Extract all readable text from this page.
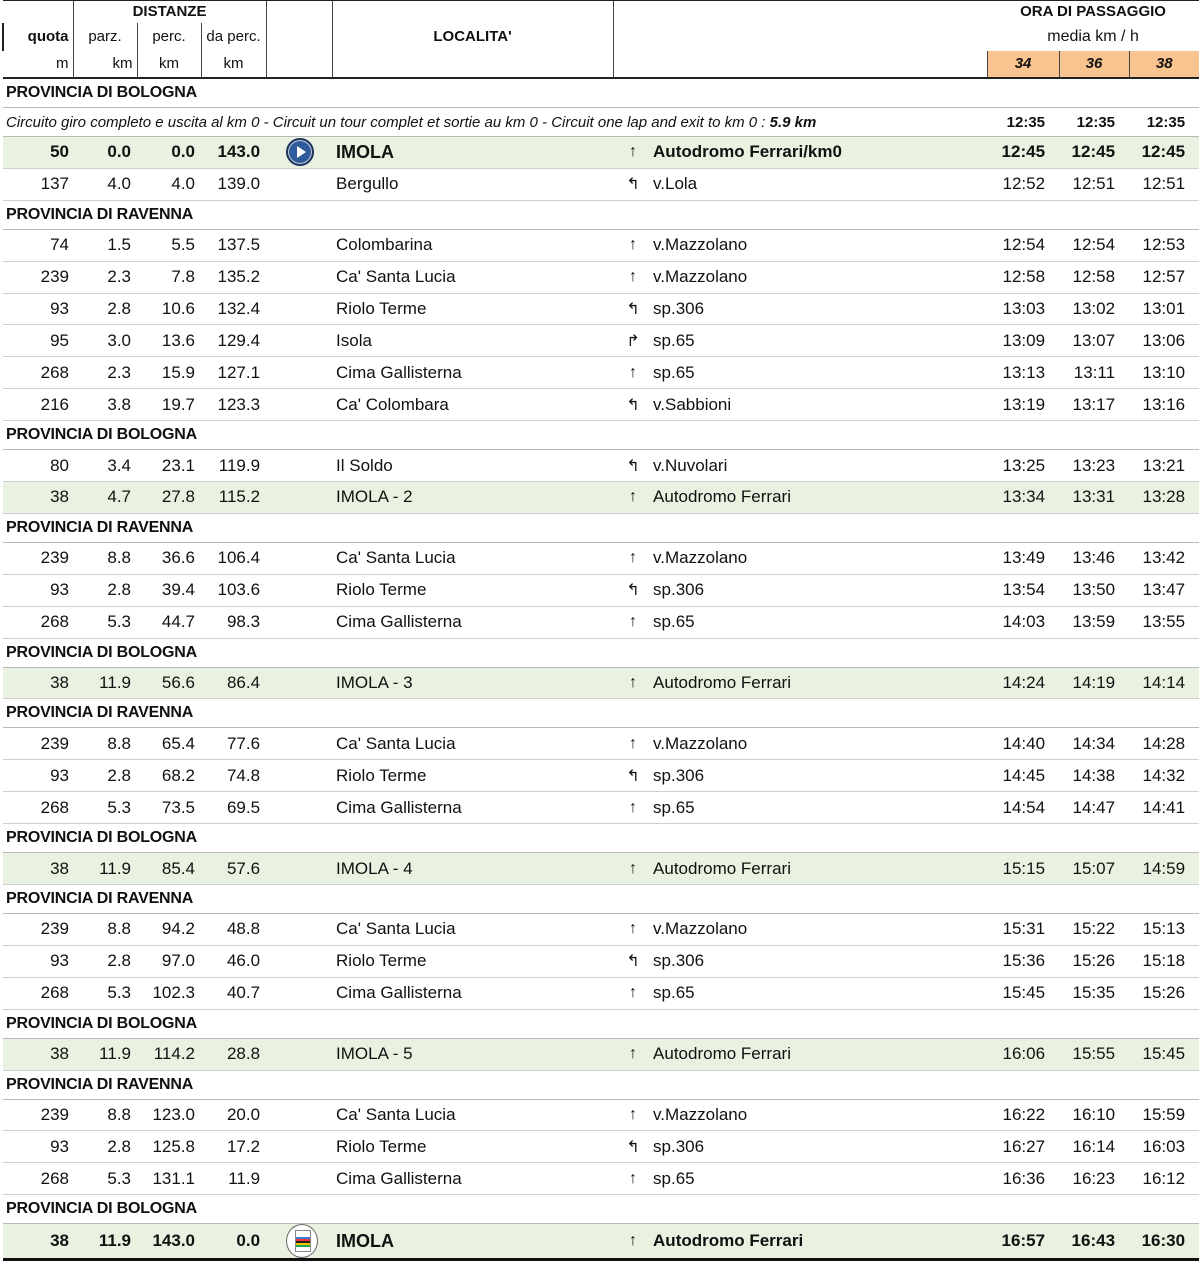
	DISTANZE							ORA DI PASSAGGIO		
quota	parz.	perc.	da perc.		LOCALITA'			media km / h		
m	km	km	km					34	36	38
PROVINCIA DI BOLOGNA										
Circuito giro completo e uscita al km 0 - Circuit un tour complet et sortie au km 0 - Circuit one lap and exit to km 0 : 5.9 km								12:35	12:35	12:35
50	0.0	0.0	143.0		IMOLA	↑	Autodromo Ferrari/km0	12:45	12:45	12:45
137	4.0	4.0	139.0		Bergullo	↰	v.Lola	12:52	12:51	12:51
PROVINCIA DI RAVENNA										
74	1.5	5.5	137.5		Colombarina	↑	v.Mazzolano	12:54	12:54	12:53
239	2.3	7.8	135.2		Ca' Santa Lucia	↑	v.Mazzolano	12:58	12:58	12:57
93	2.8	10.6	132.4		Riolo Terme	↰	sp.306	13:03	13:02	13:01
95	3.0	13.6	129.4		Isola	↱	sp.65	13:09	13:07	13:06
268	2.3	15.9	127.1		Cima Gallisterna	↑	sp.65	13:13	13:11	13:10
216	3.8	19.7	123.3		Ca' Colombara	↰	v.Sabbioni	13:19	13:17	13:16
PROVINCIA DI BOLOGNA										
80	3.4	23.1	119.9		Il Soldo	↰	v.Nuvolari	13:25	13:23	13:21
38	4.7	27.8	115.2		IMOLA - 2	↑	Autodromo Ferrari	13:34	13:31	13:28
PROVINCIA DI RAVENNA										
239	8.8	36.6	106.4		Ca' Santa Lucia	↑	v.Mazzolano	13:49	13:46	13:42
93	2.8	39.4	103.6		Riolo Terme	↰	sp.306	13:54	13:50	13:47
268	5.3	44.7	98.3		Cima Gallisterna	↑	sp.65	14:03	13:59	13:55
PROVINCIA DI BOLOGNA										
38	11.9	56.6	86.4		IMOLA - 3	↑	Autodromo Ferrari	14:24	14:19	14:14
PROVINCIA DI RAVENNA										
239	8.8	65.4	77.6		Ca' Santa Lucia	↑	v.Mazzolano	14:40	14:34	14:28
93	2.8	68.2	74.8		Riolo Terme	↰	sp.306	14:45	14:38	14:32
268	5.3	73.5	69.5		Cima Gallisterna	↑	sp.65	14:54	14:47	14:41
PROVINCIA DI BOLOGNA										
38	11.9	85.4	57.6		IMOLA - 4	↑	Autodromo Ferrari	15:15	15:07	14:59
PROVINCIA DI RAVENNA										
239	8.8	94.2	48.8		Ca' Santa Lucia	↑	v.Mazzolano	15:31	15:22	15:13
93	2.8	97.0	46.0		Riolo Terme	↰	sp.306	15:36	15:26	15:18
268	5.3	102.3	40.7		Cima Gallisterna	↑	sp.65	15:45	15:35	15:26
PROVINCIA DI BOLOGNA										
38	11.9	114.2	28.8		IMOLA - 5	↑	Autodromo Ferrari	16:06	15:55	15:45
PROVINCIA DI RAVENNA										
239	8.8	123.0	20.0		Ca' Santa Lucia	↑	v.Mazzolano	16:22	16:10	15:59
93	2.8	125.8	17.2		Riolo Terme	↰	sp.306	16:27	16:14	16:03
268	5.3	131.1	11.9		Cima Gallisterna	↑	sp.65	16:36	16:23	16:12
PROVINCIA DI BOLOGNA										
38	11.9	143.0	0.0		IMOLA	↑	Autodromo Ferrari	16:57	16:43	16:30
